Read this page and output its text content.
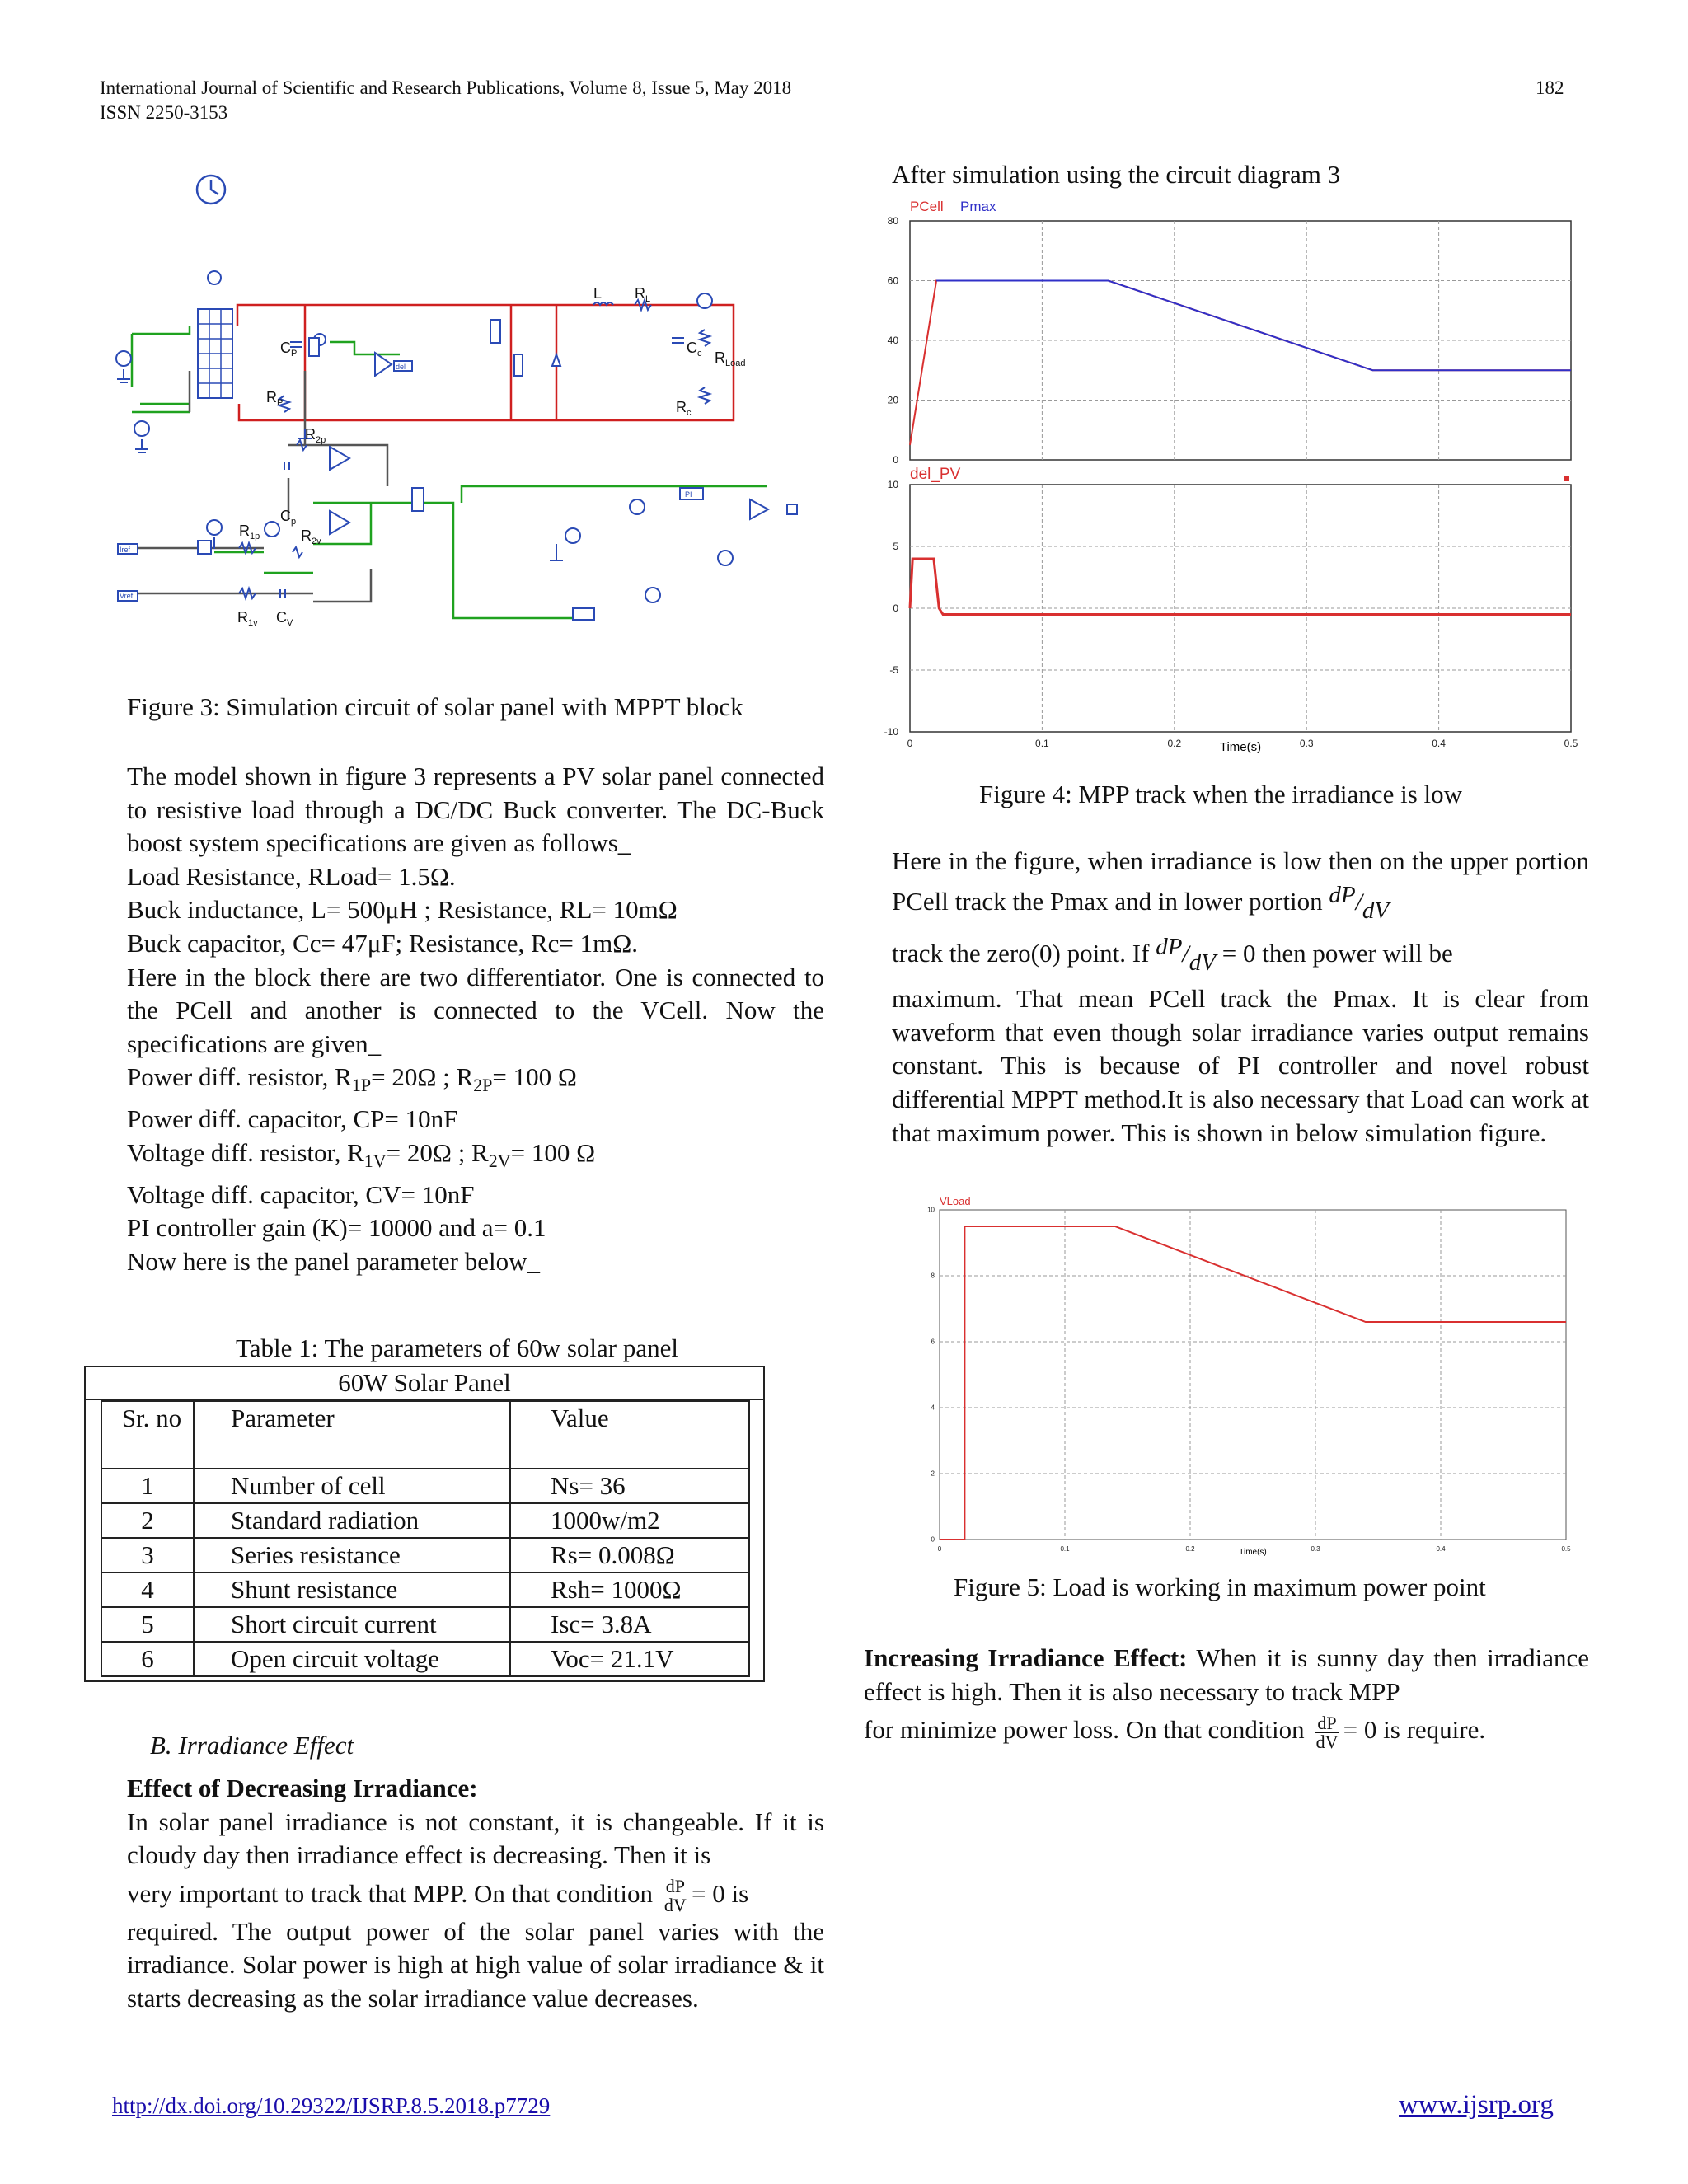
International Journal of Scientific and Research Publications, Volume 8, Issue 5, May 2018
ISSN 2250-3153
182
L $R_L$
$C_c$ $R_{Load}$
$R_c$
$C_P$
$R_P$
$R_{2p}$
$R_{1p}$
$C_p$
$R_{2v}$
$R_{1v}$ $C_V$
Iref
Vref
PI
del
Figure 3: Simulation circuit of solar panel with MPPT block
The model shown in figure 3 represents a PV solar panel connected to resistive load through a DC/DC Buck converter. The DC-Buck boost system specifications are given as follows_
Load Resistance, RLoad= 1.5Ω.
Buck inductance, L= 500μH ; Resistance, RL= 10mΩ
Buck capacitor, Cc= 47μF; Resistance, Rc= 1mΩ.
Here in the block there are two differentiator. One is connected to the PCell and another is connected to the VCell. Now the specifications are given_
Power diff. resistor, $R_{1P}= 20\Omega$ ; $R_{2P}= 100$ Ω
Power diff. capacitor, CP= 10nF
Voltage diff. resistor, $R_{1V}= 20\Omega$ ; $R_{2V}= 100$ Ω
Voltage diff. capacitor, CV= 10nF
PI controller gain (K)= 10000 and a= 0.1
Now here is the panel parameter below_
Table 1: The parameters of 60w solar panel
60W Solar Panel
Sr. no	Parameter	Value
1	Number of cell	Ns= 36
2	Standard radiation	1000w/m2
3	Series resistance	Rs= 0.008Ω
4	Shunt resistance	Rsh= 1000Ω
5	Short circuit current	Isc= 3.8A
6	Open circuit voltage	Voc= 21.1V
B. Irradiance Effect
Effect of Decreasing Irradiance:
In solar panel irradiance is not constant, it is changeable. If it is cloudy day then irradiance effect is decreasing. Then it is
very important to track that MPP. On that condition $\frac{dP}{dV} = 0$ is
required. The output power of the solar panel varies with the irradiance. Solar power is high at high value of solar irradiance & it starts decreasing as the solar irradiance value decreases.
After simulation using the circuit diagram 3
0
20
40
60
80
0	0.1	0.2	0.3	0.4	0.5
10
5
0
-5
-10
PCell Pmax
del_PV
Time(s)
Figure 4: MPP track when the irradiance is low
Here in the figure, when irradiance is low then on the upper portion PCell track the Pmax and in lower portion $^{dP}/_{dV}$
track the zero(0) point. If $^{dP}/_{dV} = 0$ then power will be
maximum. That mean PCell track the Pmax. It is clear from waveform that even though solar irradiance varies output remains constant. This is because of PI controller and novel robust differential MPPT method.It is also necessary that Load can work at that maximum power. This is shown in below simulation figure.
0	0.1	0.2	0.3	0.4	0.5
0
2
4
6
8
10
VLoad
Time(s)
Figure 5: Load is working in maximum power point
Increasing Irradiance Effect: When it is sunny day then irradiance effect is high. Then it is also necessary to track MPP
for minimize power loss. On that condition $\frac{dP}{dV} = 0$ is require.
http://dx.doi.org/10.29322/IJSRP.8.5.2018.p7729	www.ijsrp.org
